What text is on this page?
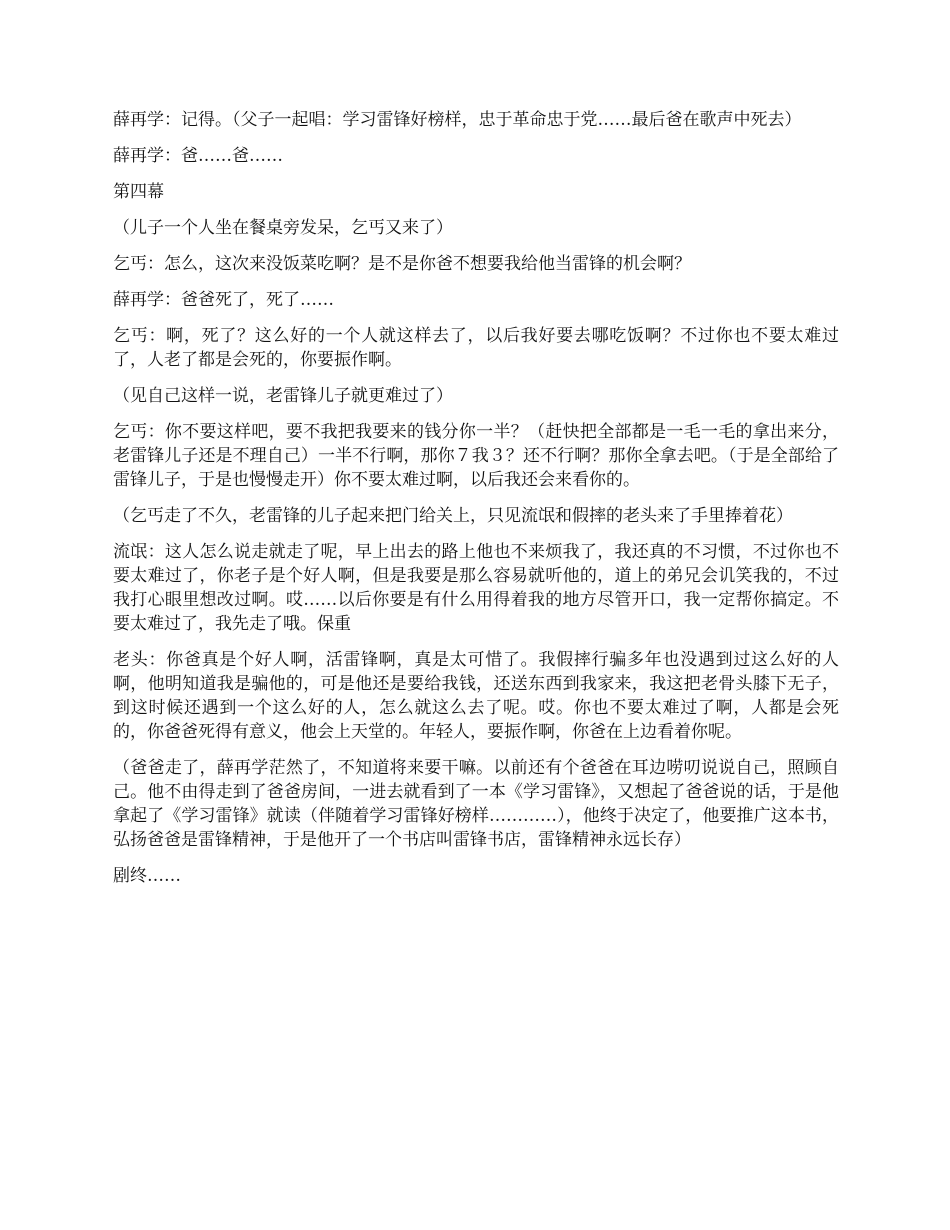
薛再学：记得。（父子一起唱：学习雷锋好榜样，忠于革命忠于党……最后爸在歌声中死去）

薛再学：爸……爸……

第四幕

（儿子一个人坐在餐桌旁发呆，乞丐又来了）

乞丐：怎么，这次来没饭菜吃啊？是不是你爸不想要我给他当雷锋的机会啊？

薛再学：爸爸死了，死了……

乞丐：啊，死了？这么好的一个人就这样去了，以后我好要去哪吃饭啊？不过你也不要太难过了，人老了都是会死的，你要振作啊。

（见自己这样一说，老雷锋儿子就更难过了）

乞丐：你不要这样吧，要不我把我要来的钱分你一半？（赶快把全部都是一毛一毛的拿出来分，老雷锋儿子还是不理自己）一半不行啊，那你７我３？还不行啊？那你全拿去吧。（于是全部给了雷锋儿子，于是也慢慢走开）你不要太难过啊，以后我还会来看你的。

（乞丐走了不久，老雷锋的儿子起来把门给关上，只见流氓和假摔的老头来了手里捧着花）

流氓：这人怎么说走就走了呢，早上出去的路上他也不来烦我了，我还真的不习惯，不过你也不要太难过了，你老子是个好人啊，但是我要是那么容易就听他的，道上的弟兄会讥笑我的，不过我打心眼里想改过啊。哎……以后你要是有什么用得着我的地方尽管开口，我一定帮你搞定。不要太难过了，我先走了哦。保重

老头：你爸真是个好人啊，活雷锋啊，真是太可惜了。我假摔行骗多年也没遇到过这么好的人啊，他明知道我是骗他的，可是他还是要给我钱，还送东西到我家来，我这把老骨头膝下无子，到这时候还遇到一个这么好的人，怎么就这么去了呢。哎。你也不要太难过了啊，人都是会死的，你爸爸死得有意义，他会上天堂的。年轻人，要振作啊，你爸在上边看着你呢。

（爸爸走了，薛再学茫然了，不知道将来要干嘛。以前还有个爸爸在耳边唠叨说说自己，照顾自己。他不由得走到了爸爸房间，一进去就看到了一本《学习雷锋》，又想起了爸爸说的话，于是他拿起了《学习雷锋》就读（伴随着学习雷锋好榜样…………），他终于决定了，他要推广这本书，弘扬爸爸是雷锋精神，于是他开了一个书店叫雷锋书店，雷锋精神永远长存）

剧终……
